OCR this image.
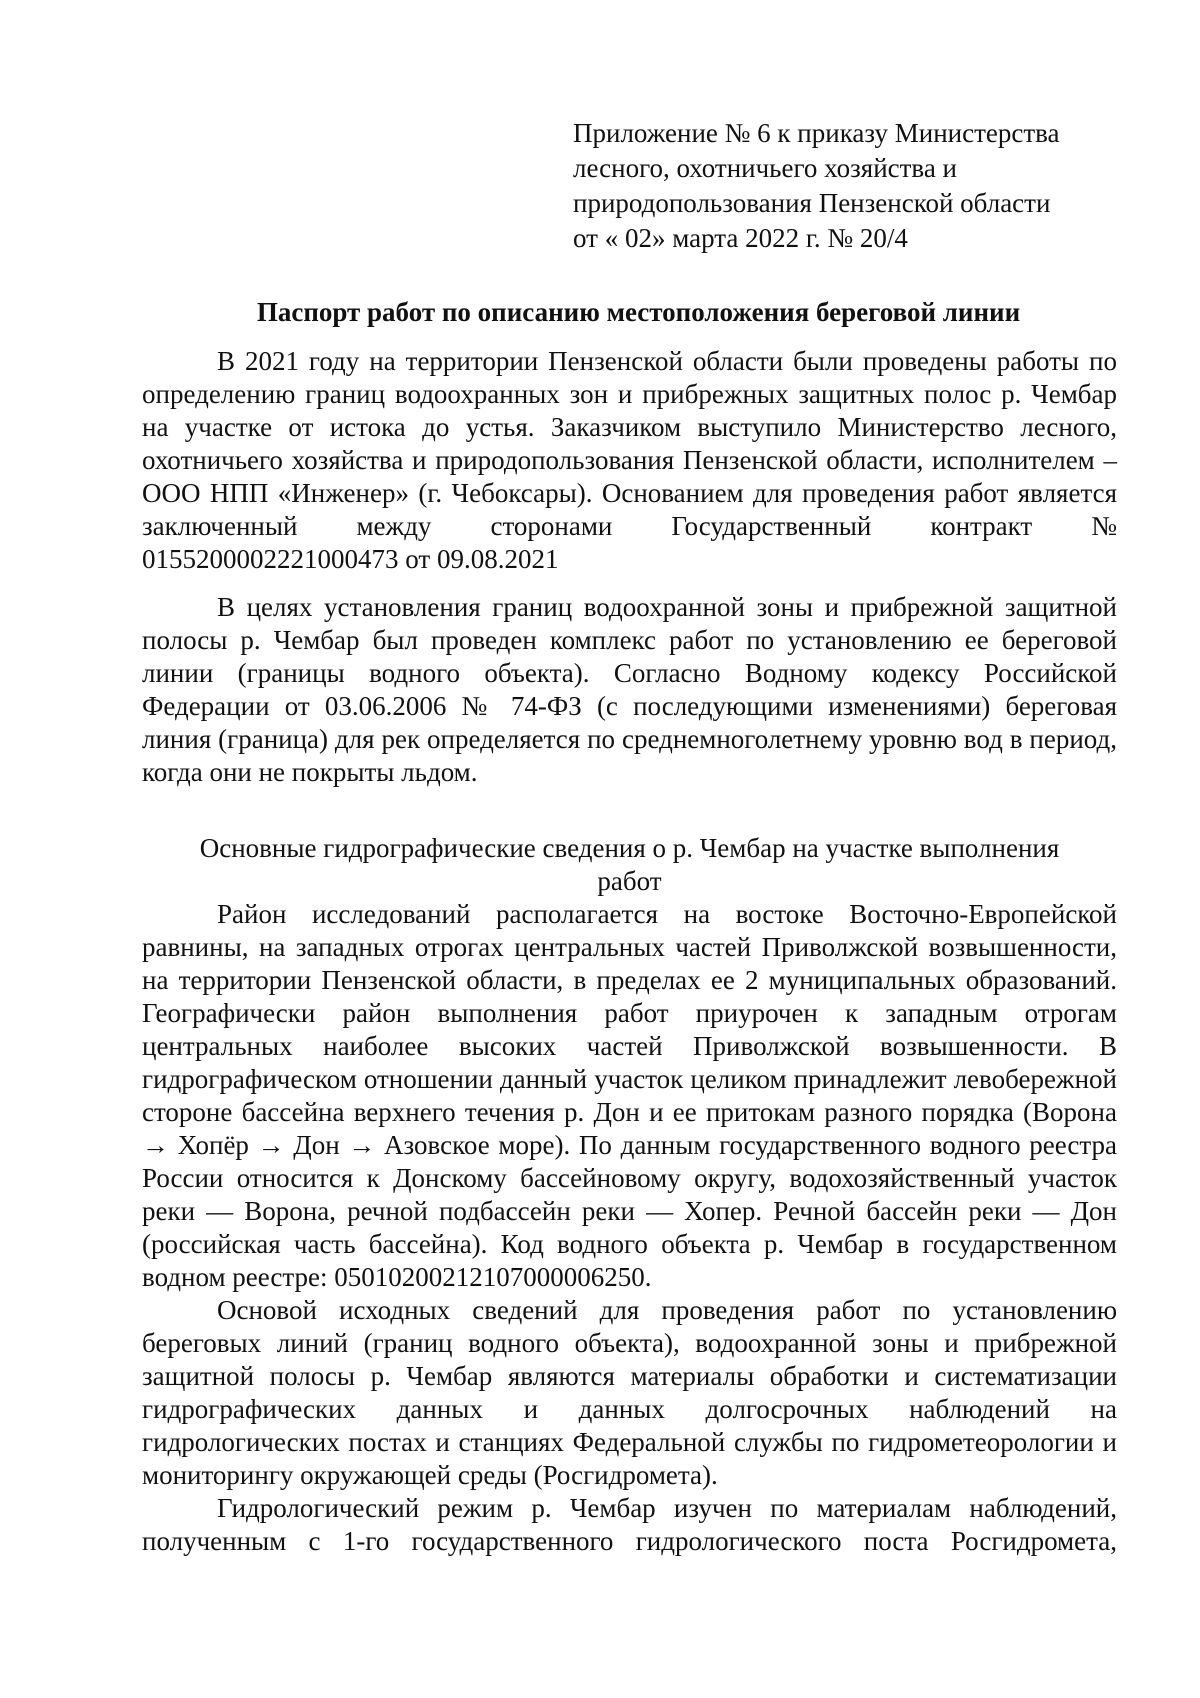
Приложение № 6 к приказу Министерства
лесного, охотничьего хозяйства и
природопользования Пензенской области
от « 02» марта 2022 г. № 20/4
Паспорт работ по описанию местоположения береговой линии

В 2021 году на территории Пензенской области были проведены работы по определению границ водоохранных зон и прибрежных защитных полос р. Чембар на участке от истока до устья. Заказчиком выступило Министерство лесного, охотничьего хозяйства и природопользования Пензенской области, исполнителем – ООО НПП «Инженер» (г. Чебоксары). Основанием для проведения работ является заключенный между сторонами Государственный контракт № 0155200002221000473 от 09.08.2021

В целях установления границ водоохранной зоны и прибрежной защитной полосы р. Чембар был проведен комплекс работ по установлению ее береговой линии (границы водного объекта). Согласно Водному кодексу Российской Федерации от 03.06.2006 № 74-ФЗ (с последующими изменениями) береговая линия (граница) для рек определяется по среднемноголетнему уровню вод в период, когда они не покрыты льдом.

Основные гидрографические сведения о р. Чембар на участке выполнения работ

Район исследований располагается на востоке Восточно-Европейской равнины, на западных отрогах центральных частей Приволжской возвышенности, на территории Пензенской области, в пределах ее 2 муниципальных образований. Географически район выполнения работ приурочен к западным отрогам центральных наиболее высоких частей Приволжской возвышенности. В гидрографическом отношении данный участок целиком принадлежит левобережной стороне бассейна верхнего течения р. Дон и ее притокам разного порядка (Ворона → Хопёр → Дон → Азовское море). По данным государственного водного реестра России относится к Донскому бассейновому округу, водохозяйственный участок реки — Ворона, речной подбассейн реки — Хопер. Речной бассейн реки — Дон (российская часть бассейна). Код водного объекта р. Чембар в государственном водном реестре: 05010200212107000006250.

Основой исходных сведений для проведения работ по установлению береговых линий (границ водного объекта), водоохранной зоны и прибрежной защитной полосы р. Чембар являются материалы обработки и систематизации гидрографических данных и данных долгосрочных наблюдений на гидрологических постах и станциях Федеральной службы по гидрометеорологии и мониторингу окружающей среды (Росгидромета).

Гидрологический режим р. Чембар изучен по материалам наблюдений, полученным с 1-го государственного гидрологического поста Росгидромета,
